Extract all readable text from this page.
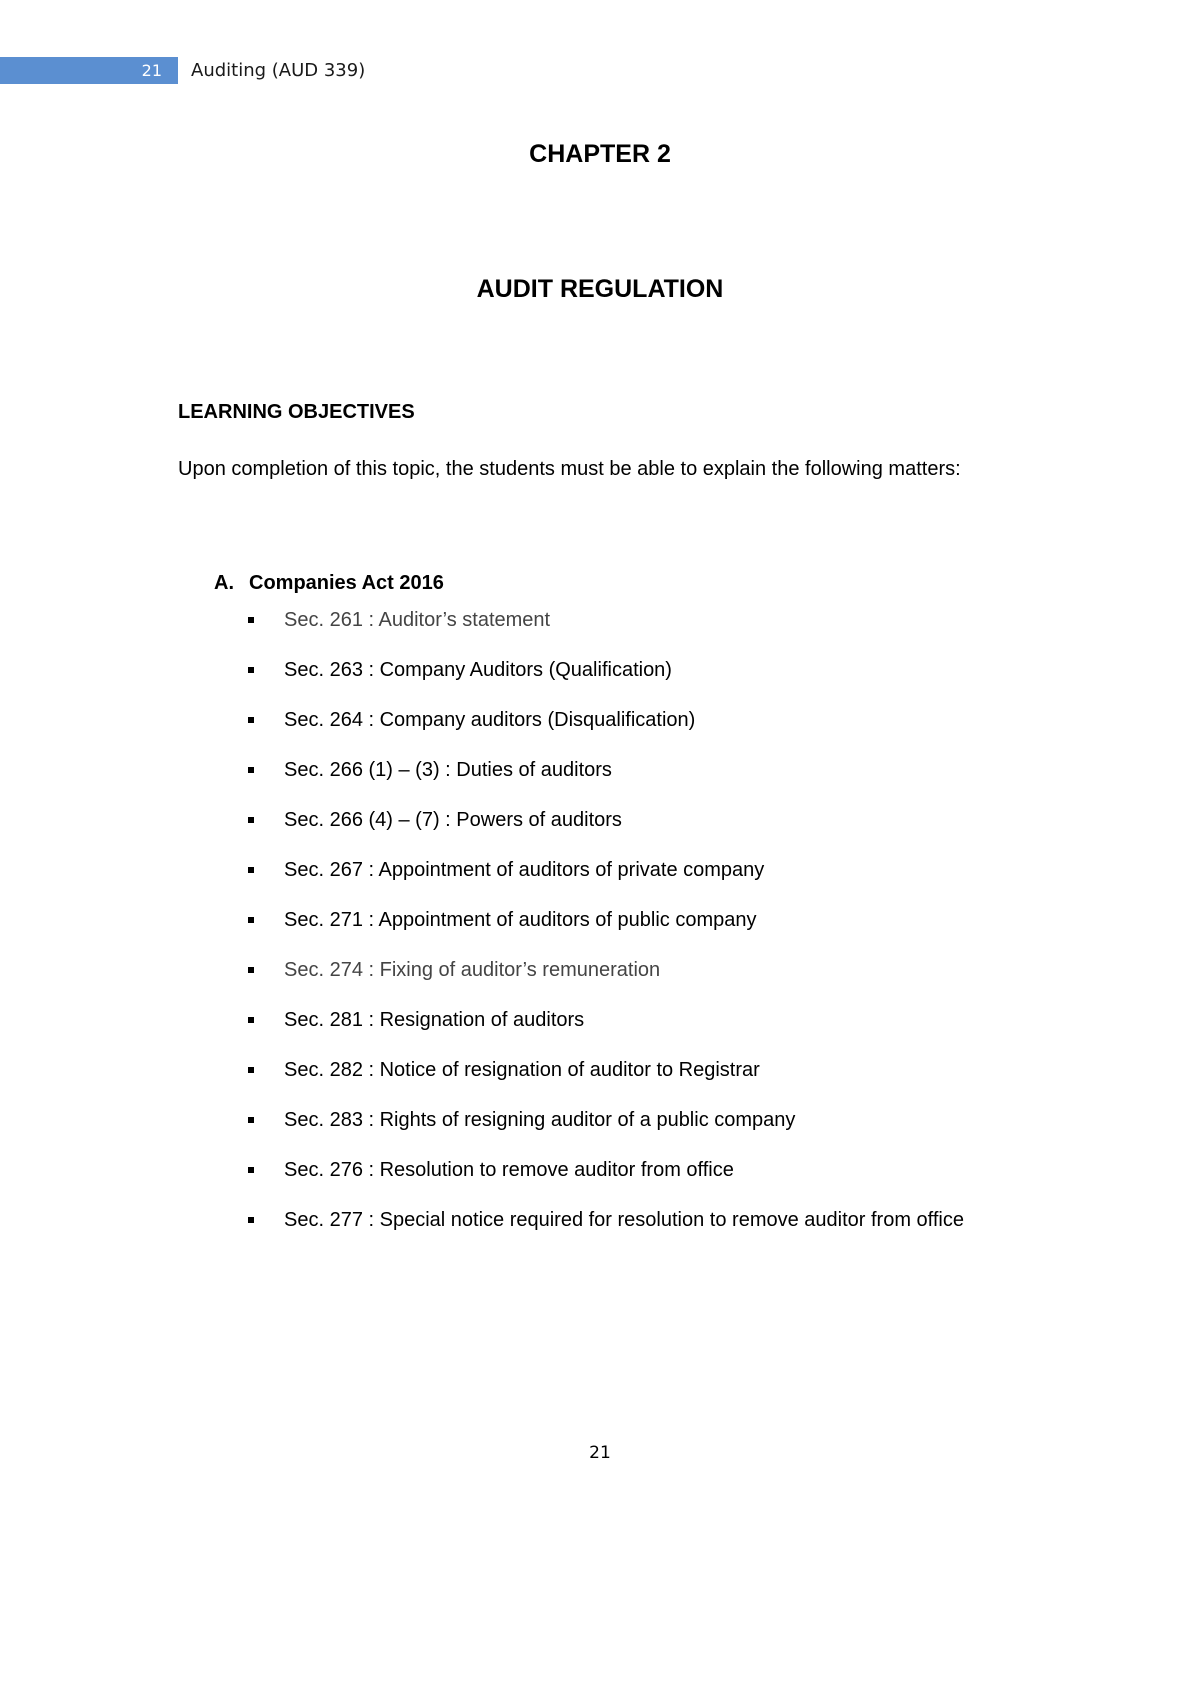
21 Auditing (AUD 339)
CHAPTER 2
AUDIT REGULATION
LEARNING OBJECTIVES
Upon completion of this topic, the students must be able to explain the following matters:
A. Companies Act 2016
Sec. 261 : Auditor’s statement
Sec. 263 : Company Auditors (Qualification)
Sec. 264 : Company auditors (Disqualification)
Sec. 266 (1) – (3) : Duties of auditors
Sec. 266 (4) – (7) : Powers of auditors
Sec. 267 : Appointment of auditors of private company
Sec. 271 : Appointment of auditors of public company
Sec. 274 : Fixing of auditor’s remuneration
Sec. 281 : Resignation of auditors
Sec. 282 : Notice of resignation of auditor to Registrar
Sec. 283 : Rights of resigning auditor of a public company
Sec. 276 : Resolution to remove auditor from office
Sec. 277 : Special notice required for resolution to remove auditor from office
21
